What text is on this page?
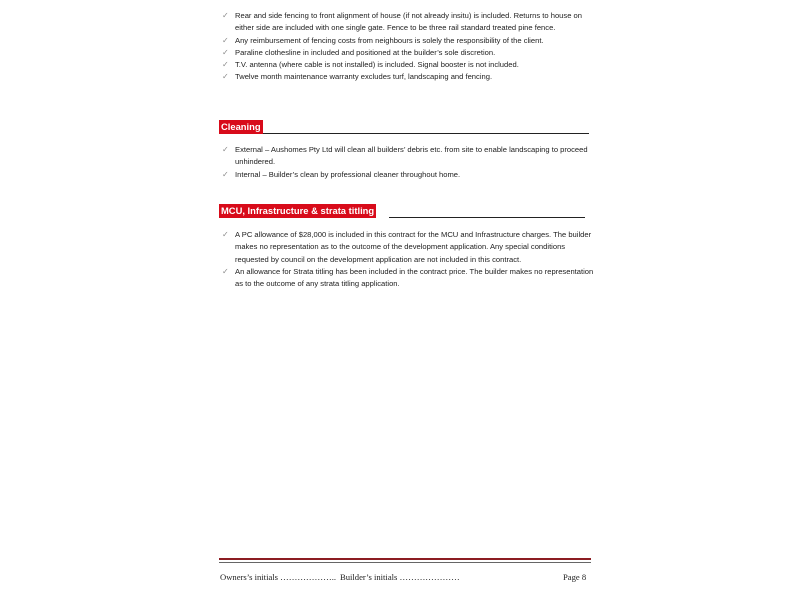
✓ Rear and side fencing to front alignment of house (if not already insitu) is included. Returns to house on either side are included with one single gate. Fence to be three rail standard treated pine fence.
✓ Any reimbursement of fencing costs from neighbours is solely the responsibility of the client.
✓ Paraline clothesline in included and positioned at the builder’s sole discretion.
✓ T.V. antenna (where cable is not installed) is included. Signal booster is not included.
✓ Twelve month maintenance warranty excludes turf, landscaping and fencing.
Cleaning
✓ External – Aushomes Pty Ltd will clean all builders’ debris etc. from site to enable landscaping to proceed unhindered.
✓ Internal – Builder’s clean by professional cleaner throughout home.
MCU, Infrastructure & strata titling
✓ A PC allowance of $28,000 is included in this contract for the MCU and Infrastructure charges. The builder makes no representation as to the outcome of the development application. Any special conditions requested by council on the development application are not included in this contract.
✓ An allowance for Strata titling has been included in the contract price. The builder makes no representation as to the outcome of any strata titling application.
Owners’s initials ……………….. Builder’s initials …………………	Page 8
